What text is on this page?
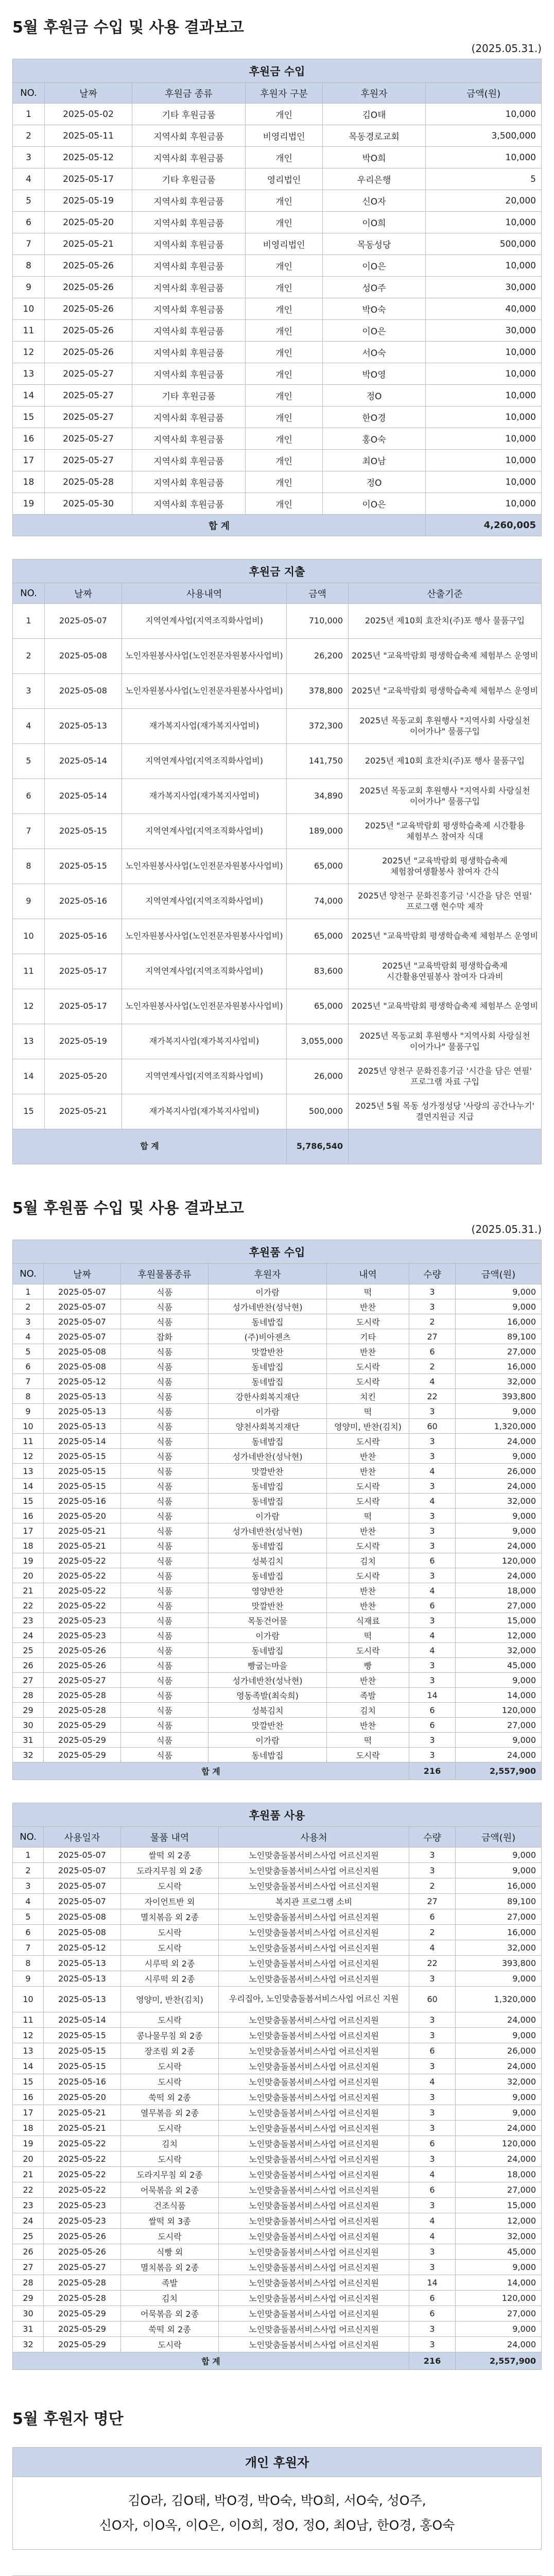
5월 후원금 수입 및 사용 결과보고
(2025.05.31.)
후원금 수입					
NO.	날짜	후원금 종류	후원자 구분	후원자	금액(원)
1	2025-05-02	기타 후원금품	개인	김O태	10,000
2	2025-05-11	지역사회 후원금품	비영리법인	목동경로교회	3,500,000
3	2025-05-12	지역사회 후원금품	개인	박O희	10,000
4	2025-05-17	기타 후원금품	영리법인	우리은행	5
5	2025-05-19	지역사회 후원금품	개인	신O자	20,000
6	2025-05-20	지역사회 후원금품	개인	이O희	10,000
7	2025-05-21	지역사회 후원금품	비영리법인	목동성당	500,000
8	2025-05-26	지역사회 후원금품	개인	이O은	10,000
9	2025-05-26	지역사회 후원금품	개인	성O주	30,000
10	2025-05-26	지역사회 후원금품	개인	박O숙	40,000
11	2025-05-26	지역사회 후원금품	개인	이O은	30,000
12	2025-05-26	지역사회 후원금품	개인	서O숙	10,000
13	2025-05-27	지역사회 후원금품	개인	박O영	10,000
14	2025-05-27	기타 후원금품	개인	정O	10,000
15	2025-05-27	지역사회 후원금품	개인	한O경	10,000
16	2025-05-27	지역사회 후원금품	개인	홍O숙	10,000
17	2025-05-27	지역사회 후원금품	개인	최O남	10,000
18	2025-05-28	지역사회 후원금품	개인	정O	10,000
19	2025-05-30	지역사회 후원금품	개인	이O은	10,000
합 계					4,260,005
후원금 지출				
NO.	날짜	사용내역	금액	산출기준
1	2025-05-07	지역연계사업(지역조직화사업비)	710,000	2025년 제10회 효잔치(주)포 행사 물품구입
2	2025-05-08	노인자원봉사사업(노인전문자원봉사사업비)	26,200	2025년 "교육박람회 평생학습축제 체험부스 운영비
3	2025-05-08	노인자원봉사사업(노인전문자원봉사사업비)	378,800	2025년 "교육박람회 평생학습축제 체험부스 운영비
4	2025-05-13	재가복지사업(재가복지사업비)	372,300	2025년 목동교회 후원행사 "지역사회 사랑실천 이어가나" 물품구입
5	2025-05-14	지역연계사업(지역조직화사업비)	141,750	2025년 제10회 효잔치(주)포 행사 물품구입
6	2025-05-14	재가복지사업(재가복지사업비)	34,890	2025년 목동교회 후원행사 "지역사회 사랑실천 이어가나" 물품구입
7	2025-05-15	지역연계사업(지역조직화사업비)	189,000	2025년 "교육박람회 평생학습축제 시간활용 체험부스 참여자 식대
8	2025-05-15	노인자원봉사사업(노인전문자원봉사사업비)	65,000	2025년 "교육박람회 평생학습축제 체험참여생활봉사 참여자 간식
9	2025-05-16	지역연계사업(지역조직화사업비)	74,000	2025년 양천구 문화진흥기금 '시간을 담은 연필' 프로그램 현수막 제작
10	2025-05-16	노인자원봉사사업(노인전문자원봉사사업비)	65,000	2025년 "교육박람회 평생학습축제 체험부스 운영비
11	2025-05-17	지역연계사업(지역조직화사업비)	83,600	2025년 "교육박람회 평생학습축제 시간활용연필봉사 참여자 다과비
12	2025-05-17	노인자원봉사사업(노인전문자원봉사사업비)	65,000	2025년 "교육박람회 평생학습축제 체험부스 운영비
13	2025-05-19	재가복지사업(재가복지사업비)	3,055,000	2025년 목동교회 후원행사 "지역사회 사랑실천 이어가나" 물품구입
14	2025-05-20	지역연계사업(지역조직화사업비)	26,000	2025년 양천구 문화진흥기금 '시간을 담은 연필' 프로그램 자료 구입
15	2025-05-21	재가복지사업(재가복지사업비)	500,000	2025년 5월 목동 성가정성당 '사랑의 공간나누기' 결연지원금 지급
합 계			5,786,540	
5월 후원품 수입 및 사용 결과보고
(2025.05.31.)
후원품 수입						
NO.	날짜	후원물품종류	후원자	내역	수량	금액(원)
1	2025-05-07	식품	이가람	떡	3	9,000
2	2025-05-07	식품	성가네반찬(성낙현)	반찬	3	9,000
3	2025-05-07	식품	동네밥집	도시락	2	16,000
4	2025-05-07	잡화	(주)비아젠츠	기타	27	89,100
5	2025-05-08	식품	맛깔반찬	반찬	6	27,000
6	2025-05-08	식품	동네밥집	도시락	2	16,000
7	2025-05-12	식품	동네밥집	도시락	4	32,000
8	2025-05-13	식품	강한사회복지재단	치킨	22	393,800
9	2025-05-13	식품	이가람	떡	3	9,000
10	2025-05-13	식품	양천사회복지재단	영양미, 반찬(김치)	60	1,320,000
11	2025-05-14	식품	동네밥집	도시락	3	24,000
12	2025-05-15	식품	성가네반찬(성낙현)	반찬	3	9,000
13	2025-05-15	식품	맛깔반찬	반찬	4	26,000
14	2025-05-15	식품	동네밥집	도시락	3	24,000
15	2025-05-16	식품	동네밥집	도시락	4	32,000
16	2025-05-20	식품	이가람	떡	3	9,000
17	2025-05-21	식품	성가네반찬(성낙현)	반찬	3	9,000
18	2025-05-21	식품	동네밥집	도시락	3	24,000
19	2025-05-22	식품	성북김치	김치	6	120,000
20	2025-05-22	식품	동네밥집	도시락	3	24,000
21	2025-05-22	식품	영양반찬	반찬	4	18,000
22	2025-05-22	식품	맛깔반찬	반찬	6	27,000
23	2025-05-23	식품	목동건어물	식재료	3	15,000
24	2025-05-23	식품	이가람	떡	4	12,000
25	2025-05-26	식품	동네밥집	도시락	4	32,000
26	2025-05-26	식품	빵굽는마을	빵	3	45,000
27	2025-05-27	식품	성가네반찬(성낙현)	반찬	3	9,000
28	2025-05-28	식품	영동족발(최숙희)	족발	14	14,000
29	2025-05-28	식품	성북김치	김치	6	120,000
30	2025-05-29	식품	맛깔반찬	반찬	6	27,000
31	2025-05-29	식품	이가람	떡	3	9,000
32	2025-05-29	식품	동네밥집	도시락	3	24,000
합 계					216	2,557,900
후원품 사용					
NO.	사용일자	물품 내역	사용처	수량	금액(원)
1	2025-05-07	쌀떡 외 2종	노인맞춤돌봄서비스사업 어르신지원	3	9,000
2	2025-05-07	도라지무침 외 2종	노인맞춤돌봄서비스사업 어르신지원	3	9,000
3	2025-05-07	도시락	노인맞춤돌봄서비스사업 어르신지원	2	16,000
4	2025-05-07	자이언트반 외	복지관 프로그램 소비	27	89,100
5	2025-05-08	멸치볶음 외 2종	노인맞춤돌봄서비스사업 어르신지원	6	27,000
6	2025-05-08	도시락	노인맞춤돌봄서비스사업 어르신지원	2	16,000
7	2025-05-12	도시락	노인맞춤돌봄서비스사업 어르신지원	4	32,000
8	2025-05-13	시루떡 외 2종	노인맞춤돌봄서비스사업 어르신지원	22	393,800
9	2025-05-13	시루떡 외 2종	노인맞춤돌봄서비스사업 어르신지원	3	9,000
10	2025-05-13	영양미, 반찬(김치)	우리집아, 노인맞춤돌봄서비스사업 어르신 지원	60	1,320,000
11	2025-05-14	도시락	노인맞춤돌봄서비스사업 어르신지원	3	24,000
12	2025-05-15	콩나물무침 외 2종	노인맞춤돌봄서비스사업 어르신지원	3	9,000
13	2025-05-15	장조림 외 2종	노인맞춤돌봄서비스사업 어르신지원	6	26,000
14	2025-05-15	도시락	노인맞춤돌봄서비스사업 어르신지원	3	24,000
15	2025-05-16	도시락	노인맞춤돌봄서비스사업 어르신지원	4	32,000
16	2025-05-20	쑥떡 외 2종	노인맞춤돌봄서비스사업 어르신지원	3	9,000
17	2025-05-21	열무볶음 외 2종	노인맞춤돌봄서비스사업 어르신지원	3	9,000
18	2025-05-21	도시락	노인맞춤돌봄서비스사업 어르신지원	3	24,000
19	2025-05-22	김치	노인맞춤돌봄서비스사업 어르신지원	6	120,000
20	2025-05-22	도시락	노인맞춤돌봄서비스사업 어르신지원	3	24,000
21	2025-05-22	도라지무침 외 2종	노인맞춤돌봄서비스사업 어르신지원	4	18,000
22	2025-05-22	어묵볶음 외 2종	노인맞춤돌봄서비스사업 어르신지원	6	27,000
23	2025-05-23	건조식품	노인맞춤돌봄서비스사업 어르신지원	3	15,000
24	2025-05-23	쌀떡 외 3종	노인맞춤돌봄서비스사업 어르신지원	4	12,000
25	2025-05-26	도시락	노인맞춤돌봄서비스사업 어르신지원	4	32,000
26	2025-05-26	식빵 외	노인맞춤돌봄서비스사업 어르신지원	3	45,000
27	2025-05-27	멸치볶음 외 2종	노인맞춤돌봄서비스사업 어르신지원	3	9,000
28	2025-05-28	족발	노인맞춤돌봄서비스사업 어르신지원	14	14,000
29	2025-05-28	김치	노인맞춤돌봄서비스사업 어르신지원	6	120,000
30	2025-05-29	어묵볶음 외 2종	노인맞춤돌봄서비스사업 어르신지원	6	27,000
31	2025-05-29	쑥떡 외 2종	노인맞춤돌봄서비스사업 어르신지원	3	9,000
32	2025-05-29	도시락	노인맞춤돌봄서비스사업 어르신지원	3	24,000
합 계				216	2,557,900
5월 후원자 명단
개인 후원자
김O라, 김O태, 박O경, 박O숙, 박O희, 서O숙, 성O주,
신O자, 이O옥, 이O은, 이O희, 정O, 정O, 최O남, 한O경, 홍O숙
